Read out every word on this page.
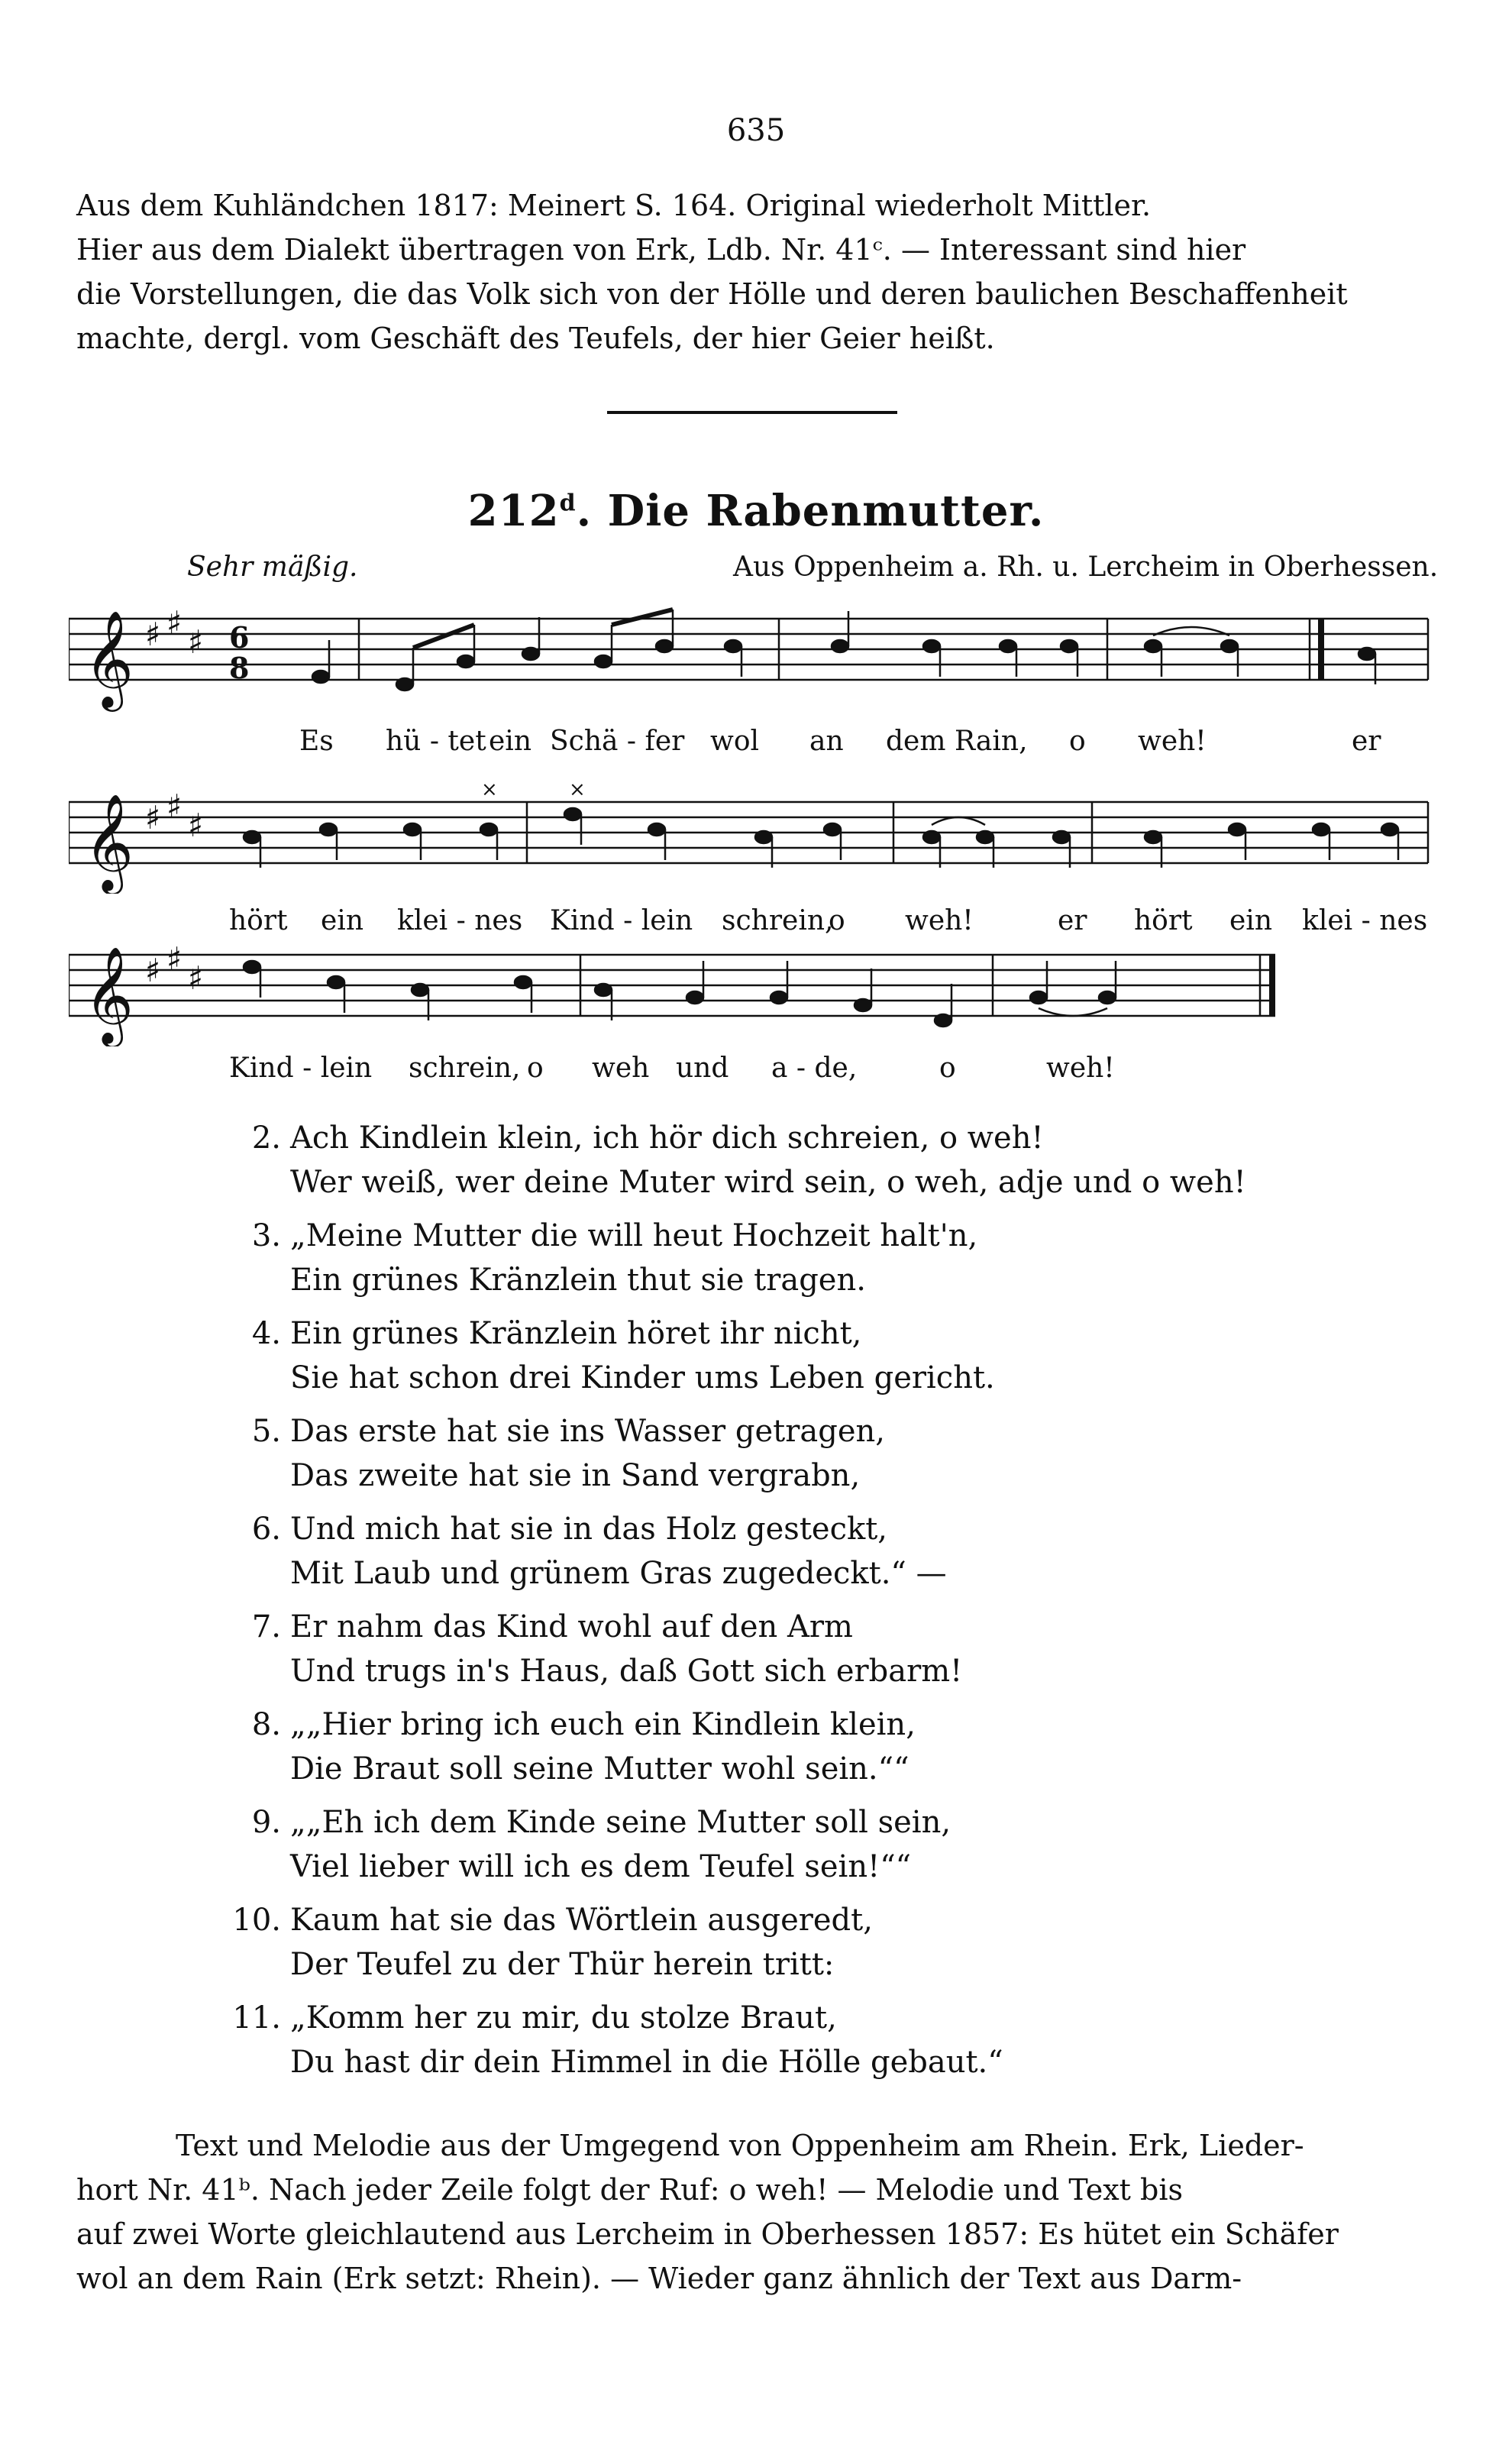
635
Aus dem Kuhländchen 1817: Meinert S. 164. Original wiederholt Mittler.
Hier aus dem Dialekt übertragen von Erk, Ldb. Nr. 41ᶜ. — Interessant sind hier
die Vorstellungen, die das Volk sich von der Hölle und deren baulichen Beschaffenheit
machte, dergl. vom Geschäft des Teufels, der hier Geier heißt.
212$^d$. Die Rabenmutter.
Sehr mäßig.	Aus Oppenheim a. Rh. u. Lercheim in Oberhessen.
𝄞 ♯ ♯
♯ 6
8
Es hü - tet ein Schä - fer wol an dem Rain, o weh!	er
𝄞 ♯ ♯
♯
×	×
hört ein klei - nes Kind - lein schrein,
o weh!	er hört ein klei - nes
𝄞 ♯ ♯
♯
Kind - lein schrein, o weh und a - de,	o	weh!
2. Ach Kindlein klein, ich hör dich schreien, o weh!
Wer weiß, wer deine Muter wird sein, o weh, adje und o weh!
3. „Meine Mutter die will heut Hochzeit halt'n,
Ein grünes Kränzlein thut sie tragen.
4. Ein grünes Kränzlein höret ihr nicht,
Sie hat schon drei Kinder ums Leben gericht.
5. Das erste hat sie ins Wasser getragen,
Das zweite hat sie in Sand vergrabn,
6. Und mich hat sie in das Holz gesteckt,
Mit Laub und grünem Gras zugedeckt.“ —
7. Er nahm das Kind wohl auf den Arm
Und trugs in's Haus, daß Gott sich erbarm!
8. „„Hier bring ich euch ein Kindlein klein,
Die Braut soll seine Mutter wohl sein.““
9. „„Eh ich dem Kinde seine Mutter soll sein,
Viel lieber will ich es dem Teufel sein!““
10. Kaum hat sie das Wörtlein ausgeredt,
Der Teufel zu der Thür herein tritt:
11. „Komm her zu mir, du stolze Braut,
Du hast dir dein Himmel in die Hölle gebaut.“
Text und Melodie aus der Umgegend von Oppenheim am Rhein. Erk, Lieder-
hort Nr. 41ᵇ. Nach jeder Zeile folgt der Ruf: o weh! — Melodie und Text bis
auf zwei Worte gleichlautend aus Lercheim in Oberhessen 1857: Es hütet ein Schäfer
wol an dem Rain (Erk setzt: Rhein). — Wieder ganz ähnlich der Text aus Darm-
